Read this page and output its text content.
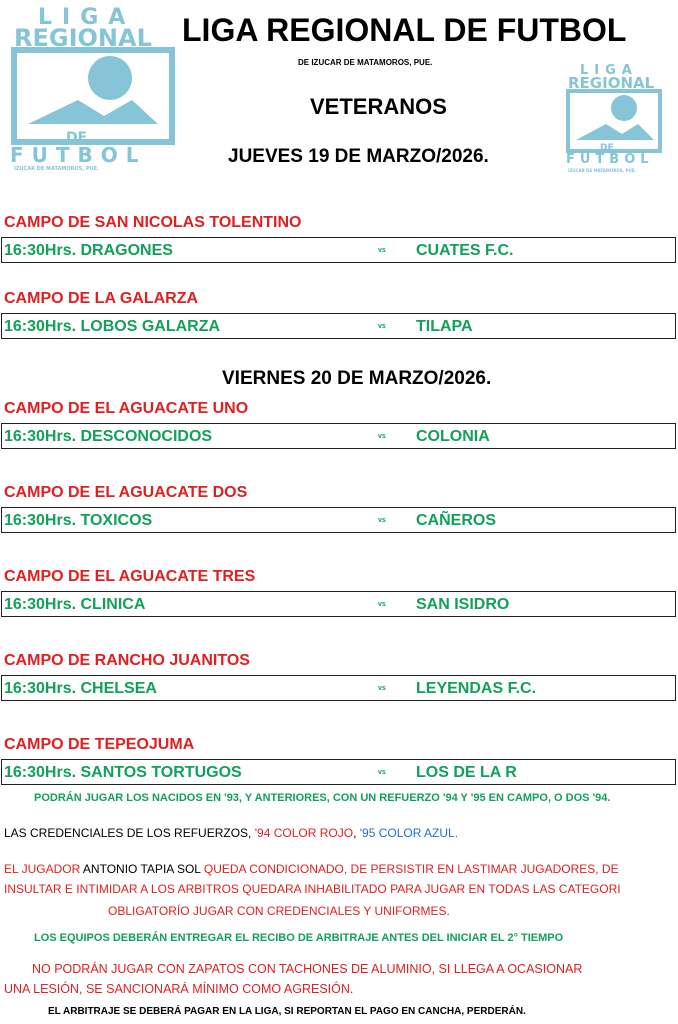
LIGA
REGIONAL
DE
FUTBOL
IZUCAR DE MATAMOROS, PUE.
LIGA
REGIONAL
DE
FUTBOL
IZUCAR DE MATAMOROS, PUE.
LIGA REGIONAL DE FUTBOL
DE IZUCAR DE MATAMOROS, PUE.
VETERANOS
JUEVES 19 DE MARZO/2026.
CAMPO DE SAN NICOLAS TOLENTINO
16:30Hrs. DRAGONES	vs CUATES F.C.
CAMPO DE LA GALARZA
16:30Hrs. LOBOS GALARZA	vs TILAPA
VIERNES 20 DE MARZO/2026.
CAMPO DE EL AGUACATE UNO
16:30Hrs. DESCONOCIDOS	vs COLONIA
CAMPO DE EL AGUACATE DOS
16:30Hrs. TOXICOS	vs CAÑEROS
CAMPO DE EL AGUACATE TRES
16:30Hrs. CLINICA	vs SAN ISIDRO
CAMPO DE RANCHO JUANITOS
16:30Hrs. CHELSEA	vs LEYENDAS F.C.
CAMPO DE TEPEOJUMA
16:30Hrs. SANTOS TORTUGOS	vs LOS DE LA R
PODRÁN JUGAR LOS NACIDOS EN '93, Y ANTERIORES, CON UN REFUERZO '94 Y '95 EN CAMPO, O DOS '94.
LAS CREDENCIALES DE LOS REFUERZOS, '94 COLOR ROJO, '95 COLOR AZUL.
EL JUGADOR ANTONIO TAPIA SOL QUEDA CONDICIONADO, DE PERSISTIR EN LASTIMAR JUGADORES, DE
INSULTAR E INTIMIDAR A LOS ARBITROS QUEDARA INHABILITADO PARA JUGAR EN TODAS LAS CATEGORI
OBLIGATORÍO JUGAR CON CREDENCIALES Y UNIFORMES.
LOS EQUIPOS DEBERÁN ENTREGAR EL RECIBO DE ARBITRAJE ANTES DEL INICIAR EL 2° TIEMPO
NO PODRÁN JUGAR CON ZAPATOS CON TACHONES DE ALUMINIO, SI LLEGA A OCASIONAR
UNA LESIÓN, SE SANCIONARÁ MÍNIMO COMO AGRESIÓN.
EL ARBITRAJE SE DEBERÁ PAGAR EN LA LIGA, SI REPORTAN EL PAGO EN CANCHA, PERDERÁN.
